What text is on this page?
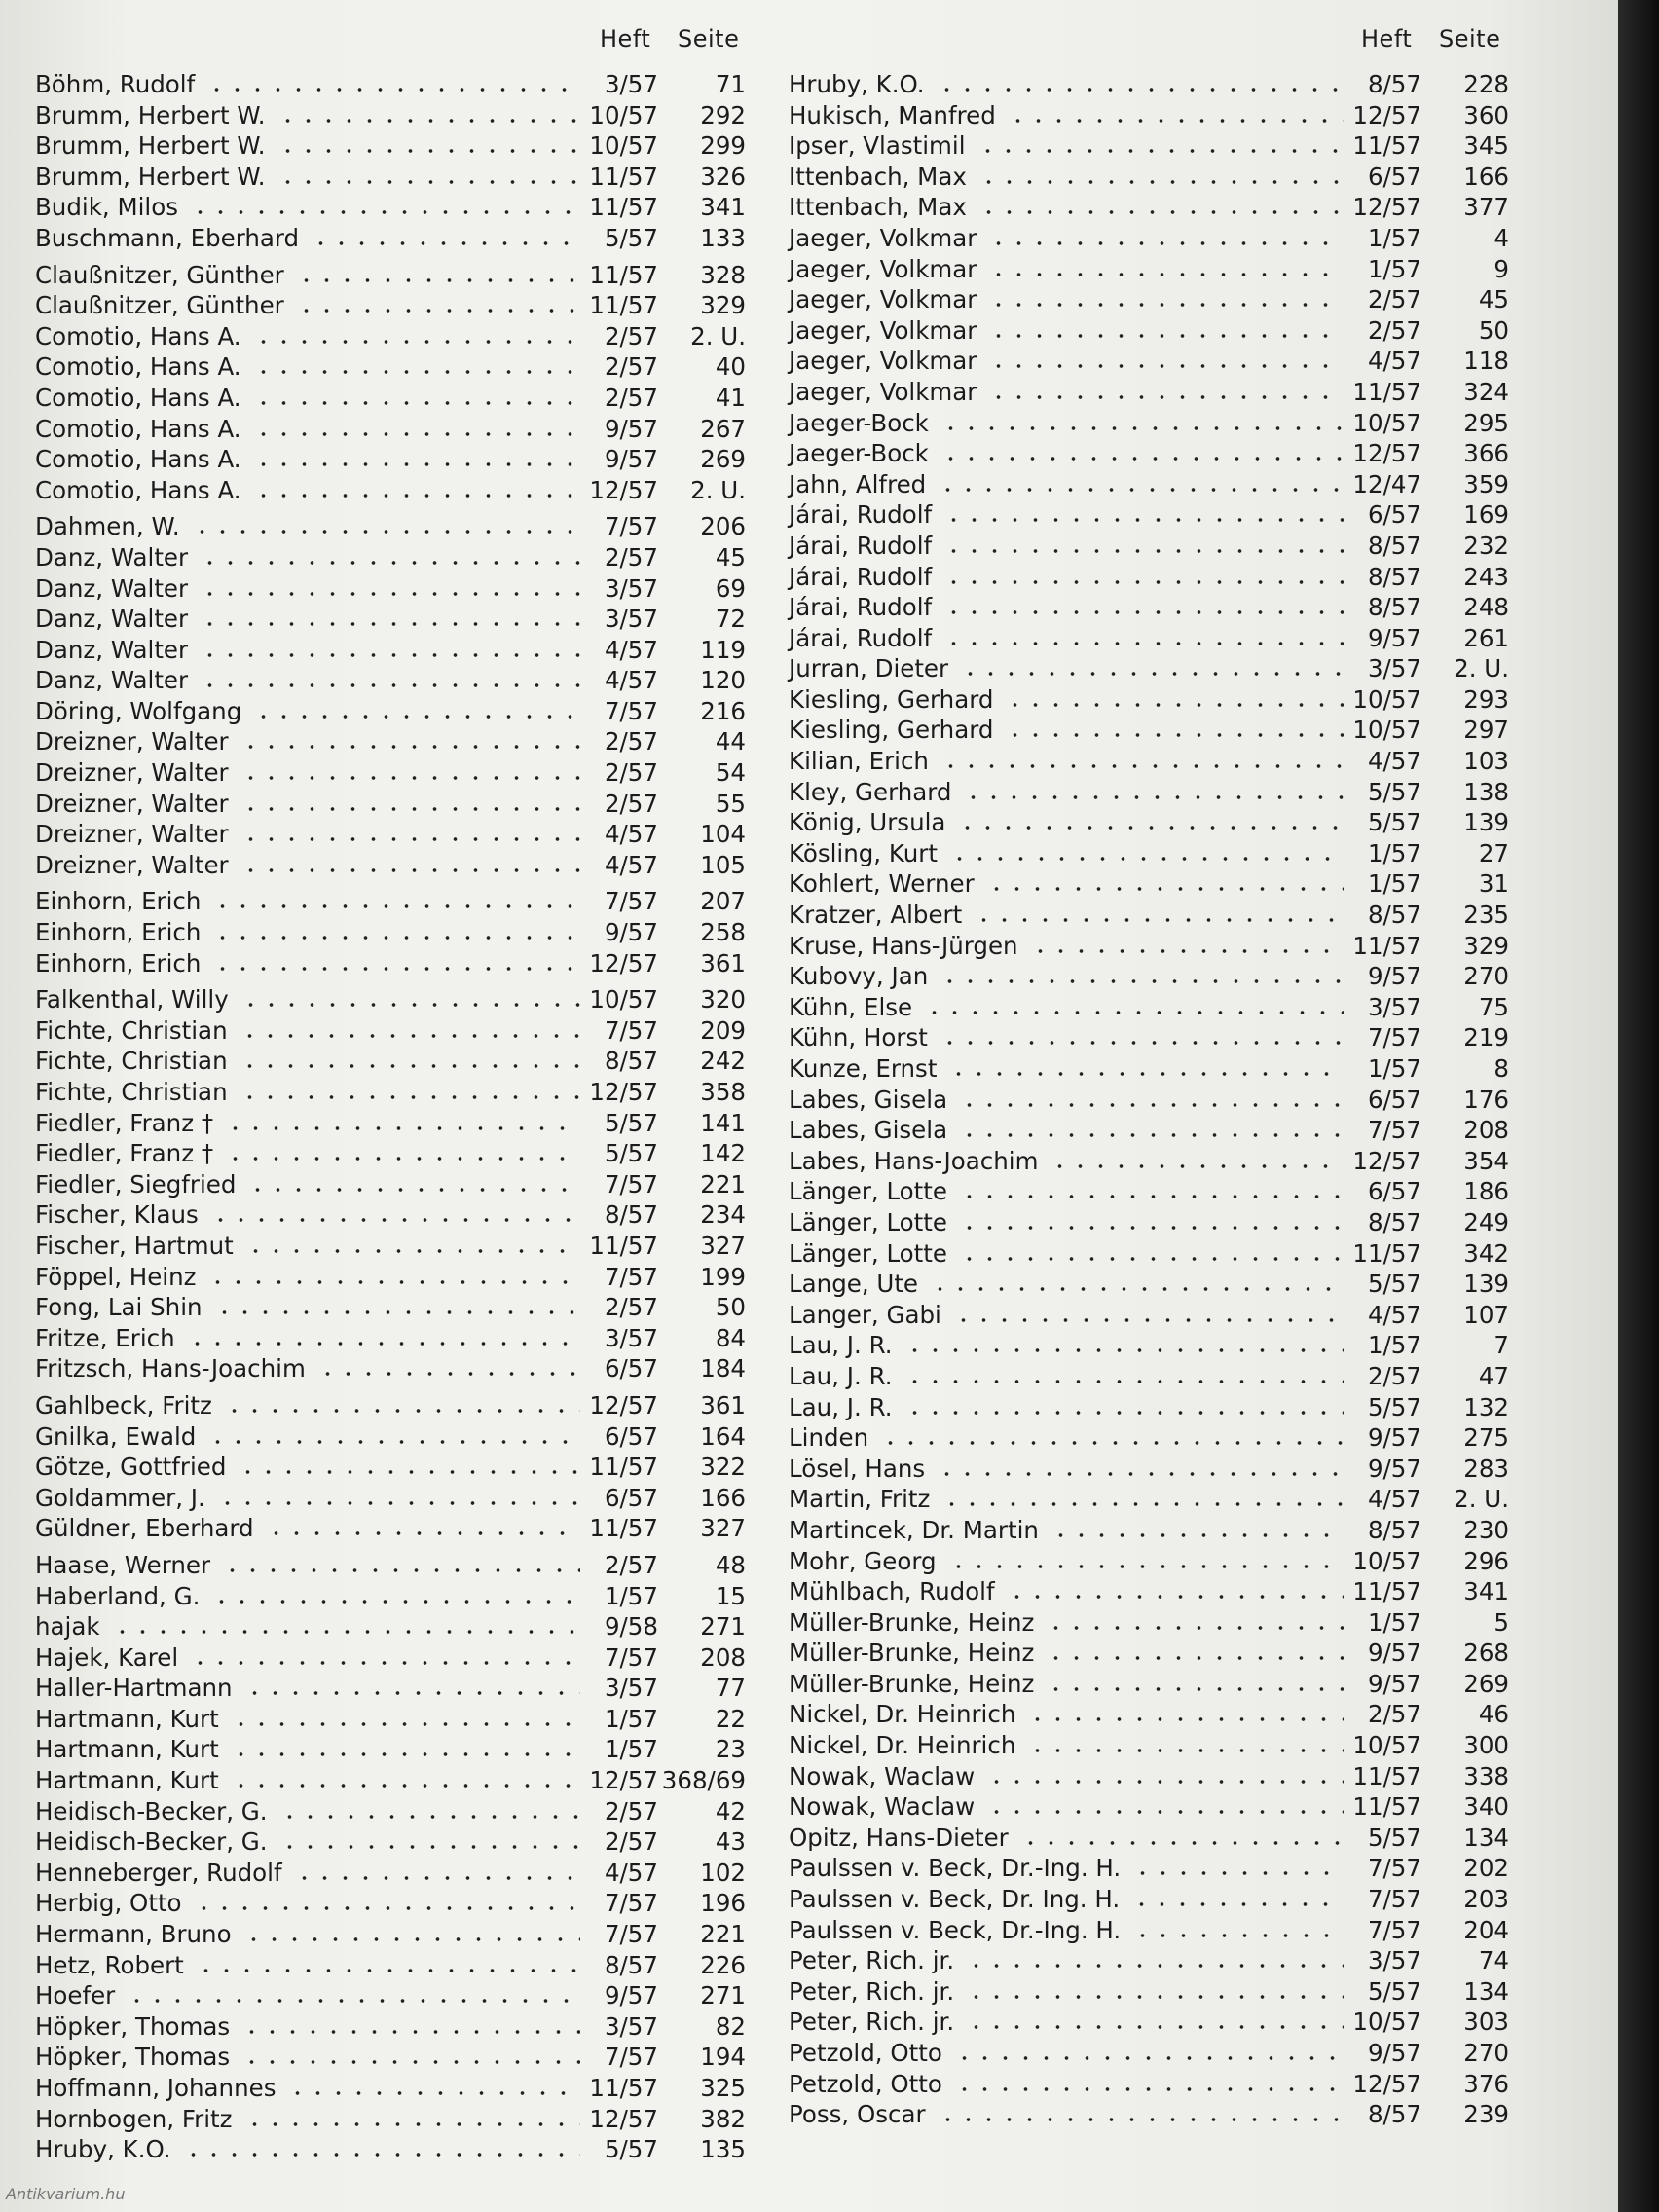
Heft Seite
Böhm, Rudolf	3/57	71
Brumm, Herbert W.	10/57	292
Brumm, Herbert W.	10/57	299
Brumm, Herbert W.	11/57	326
Budik, Milos	11/57	341
Buschmann, Eberhard	5/57	133
Claußnitzer, Günther	11/57	328
Claußnitzer, Günther	11/57	329
Comotio, Hans A.	2/57	2. U.
Comotio, Hans A.	2/57	40
Comotio, Hans A.	2/57	41
Comotio, Hans A.	9/57	267
Comotio, Hans A.	9/57	269
Comotio, Hans A.	12/57	2. U.
Dahmen, W.	7/57	206
Danz, Walter	2/57	45
Danz, Walter	3/57	69
Danz, Walter	3/57	72
Danz, Walter	4/57	119
Danz, Walter	4/57	120
Döring, Wolfgang	7/57	216
Dreizner, Walter	2/57	44
Dreizner, Walter	2/57	54
Dreizner, Walter	2/57	55
Dreizner, Walter	4/57	104
Dreizner, Walter	4/57	105
Einhorn, Erich	7/57	207
Einhorn, Erich	9/57	258
Einhorn, Erich	12/57	361
Falkenthal, Willy	10/57	320
Fichte, Christian	7/57	209
Fichte, Christian	8/57	242
Fichte, Christian	12/57	358
Fiedler, Franz †	5/57	141
Fiedler, Franz †	5/57	142
Fiedler, Siegfried	7/57	221
Fischer, Klaus	8/57	234
Fischer, Hartmut	11/57	327
Föppel, Heinz	7/57	199
Fong, Lai Shin	2/57	50
Fritze, Erich	3/57	84
Fritzsch, Hans-Joachim	6/57	184
Gahlbeck, Fritz	12/57	361
Gnilka, Ewald	6/57	164
Götze, Gottfried	11/57	322
Goldammer, J.	6/57	166
Güldner, Eberhard	11/57	327
Haase, Werner	2/57	48
Haberland, G.	1/57	15
hajak	9/58	271
Hajek, Karel	7/57	208
Haller-Hartmann	3/57	77
Hartmann, Kurt	1/57	22
Hartmann, Kurt	1/57	23
Hartmann, Kurt	12/57 368/69
Heidisch-Becker, G.	2/57	42
Heidisch-Becker, G.	2/57	43
Henneberger, Rudolf	4/57	102
Herbig, Otto	7/57	196
Hermann, Bruno	7/57	221
Hetz, Robert	8/57	226
Hoefer	9/57	271
Höpker, Thomas	3/57	82
Höpker, Thomas	7/57	194
Hoffmann, Johannes	11/57	325
Hornbogen, Fritz	12/57	382
Hruby, K.O.	5/57	135
Heft Seite
Hruby, K.O.	8/57	228
Hukisch, Manfred	12/57	360
Ipser, Vlastimil	11/57	345
Ittenbach, Max	6/57	166
Ittenbach, Max	12/57	377
Jaeger, Volkmar	1/57	4
Jaeger, Volkmar	1/57	9
Jaeger, Volkmar	2/57	45
Jaeger, Volkmar	2/57	50
Jaeger, Volkmar	4/57	118
Jaeger, Volkmar	11/57	324
Jaeger-Bock	10/57	295
Jaeger-Bock	12/57	366
Jahn, Alfred	12/47	359
Járai, Rudolf	6/57	169
Járai, Rudolf	8/57	232
Járai, Rudolf	8/57	243
Járai, Rudolf	8/57	248
Járai, Rudolf	9/57	261
Jurran, Dieter	3/57	2. U.
Kiesling, Gerhard	10/57	293
Kiesling, Gerhard	10/57	297
Kilian, Erich	4/57	103
Kley, Gerhard	5/57	138
König, Ursula	5/57	139
Kösling, Kurt	1/57	27
Kohlert, Werner	1/57	31
Kratzer, Albert	8/57	235
Kruse, Hans-Jürgen	11/57	329
Kubovy, Jan	9/57	270
Kühn, Else	3/57	75
Kühn, Horst	7/57	219
Kunze, Ernst	1/57	8
Labes, Gisela	6/57	176
Labes, Gisela	7/57	208
Labes, Hans-Joachim	12/57	354
Länger, Lotte	6/57	186
Länger, Lotte	8/57	249
Länger, Lotte	11/57	342
Lange, Ute	5/57	139
Langer, Gabi	4/57	107
Lau, J. R.	1/57	7
Lau, J. R.	2/57	47
Lau, J. R.	5/57	132
Linden	9/57	275
Lösel, Hans	9/57	283
Martin, Fritz	4/57	2. U.
Martincek, Dr. Martin	8/57	230
Mohr, Georg	10/57	296
Mühlbach, Rudolf	11/57	341
Müller-Brunke, Heinz	1/57	5
Müller-Brunke, Heinz	9/57	268
Müller-Brunke, Heinz	9/57	269
Nickel, Dr. Heinrich	2/57	46
Nickel, Dr. Heinrich	10/57	300
Nowak, Waclaw	11/57	338
Nowak, Waclaw	11/57	340
Opitz, Hans-Dieter	5/57	134
Paulssen v. Beck, Dr.-Ing. H.	7/57	202
Paulssen v. Beck, Dr. Ing. H.	7/57	203
Paulssen v. Beck, Dr.-Ing. H.	7/57	204
Peter, Rich. jr.	3/57	74
Peter, Rich. jr.	5/57	134
Peter, Rich. jr.	10/57	303
Petzold, Otto	9/57	270
Petzold, Otto	12/57	376
Poss, Oscar	8/57	239
Antikvarium.hu
